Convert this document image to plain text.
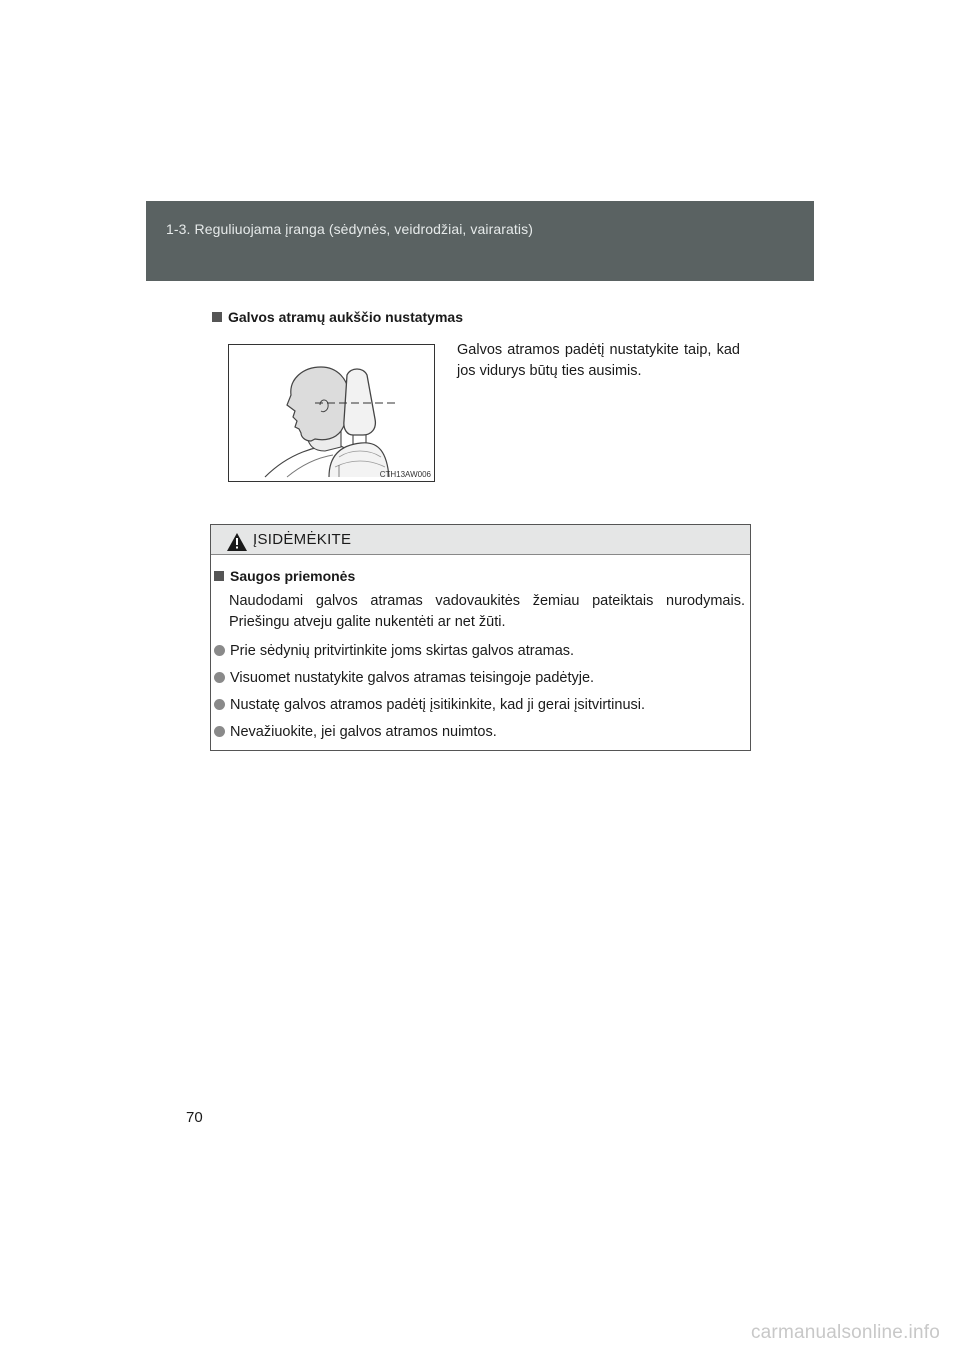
1-3. Reguliuojama įranga (sėdynės, veidrodžiai, vairaratis)
Galvos atramų aukščio nustatymas
CTH13AW006
Galvos atramos padėtį nustatykite taip, kad jos vidurys būtų ties ausimis.
ĮSIDĖMĖKITE
Saugos priemonės
Naudodami galvos atramas vadovaukitės žemiau pateiktais nurodymais. Priešingu atveju galite nukentėti ar net žūti.
Prie sėdynių pritvirtinkite joms skirtas galvos atramas.
Visuomet nustatykite galvos atramas teisingoje padėtyje.
Nustatę galvos atramos padėtį įsitikinkite, kad ji gerai įsitvirtinusi.
Nevažiuokite, jei galvos atramos nuimtos.
70
carmanualsonline.info
